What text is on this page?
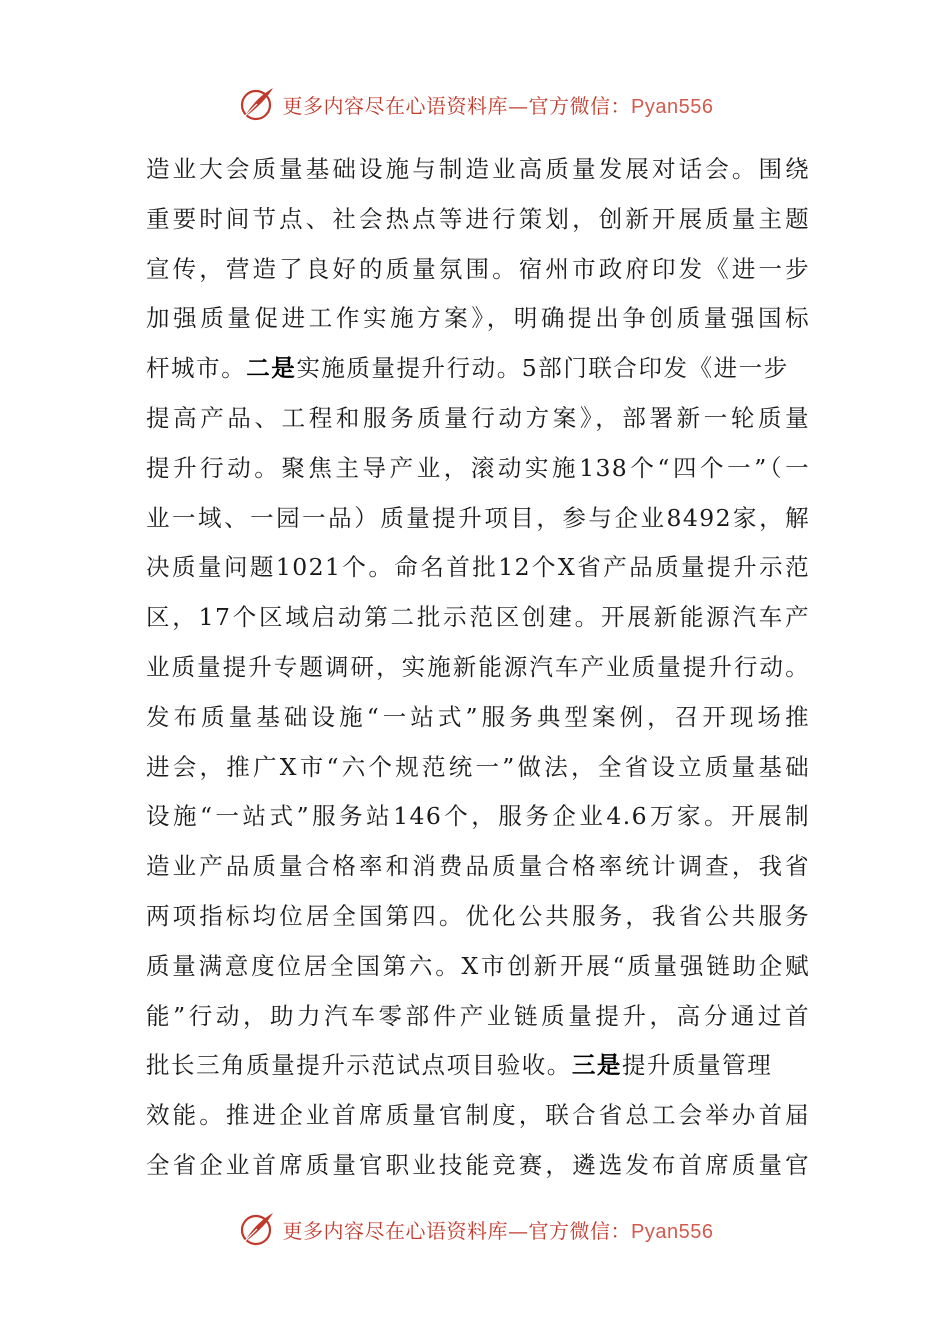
更多内容尽在心语资料库—官方微信：Pyan556
造业大会质量基础设施与制造业高质量发展对话会。围绕
重要时间节点、社会热点等进行策划，创新开展质量主题
宣传，营造了良好的质量氛围。宿州市政府印发《进一步
加强质量促进工作实施方案》，明确提出争创质量强国标
杆城市。二是实施质量提升行动。5部门联合印发《进一步
提高产品、工程和服务质量行动方案》，部署新一轮质量
提升行动。聚焦主导产业，滚动实施138个“四个一”（一
业一域、一园一品）质量提升项目，参与企业8492家，解
决质量问题1021个。命名首批12个X省产品质量提升示范
区，17个区域启动第二批示范区创建。开展新能源汽车产
业质量提升专题调研，实施新能源汽车产业质量提升行动。
发布质量基础设施“一站式”服务典型案例，召开现场推
进会，推广X市“六个规范统一”做法，全省设立质量基础
设施“一站式”服务站146个，服务企业4.6万家。开展制
造业产品质量合格率和消费品质量合格率统计调查，我省
两项指标均位居全国第四。优化公共服务，我省公共服务
质量满意度位居全国第六。X市创新开展“质量强链助企赋
能”行动，助力汽车零部件产业链质量提升，高分通过首
批长三角质量提升示范试点项目验收。三是提升质量管理
效能。推进企业首席质量官制度，联合省总工会举办首届
全省企业首席质量官职业技能竞赛，遴选发布首席质量官
更多内容尽在心语资料库—官方微信：Pyan556
